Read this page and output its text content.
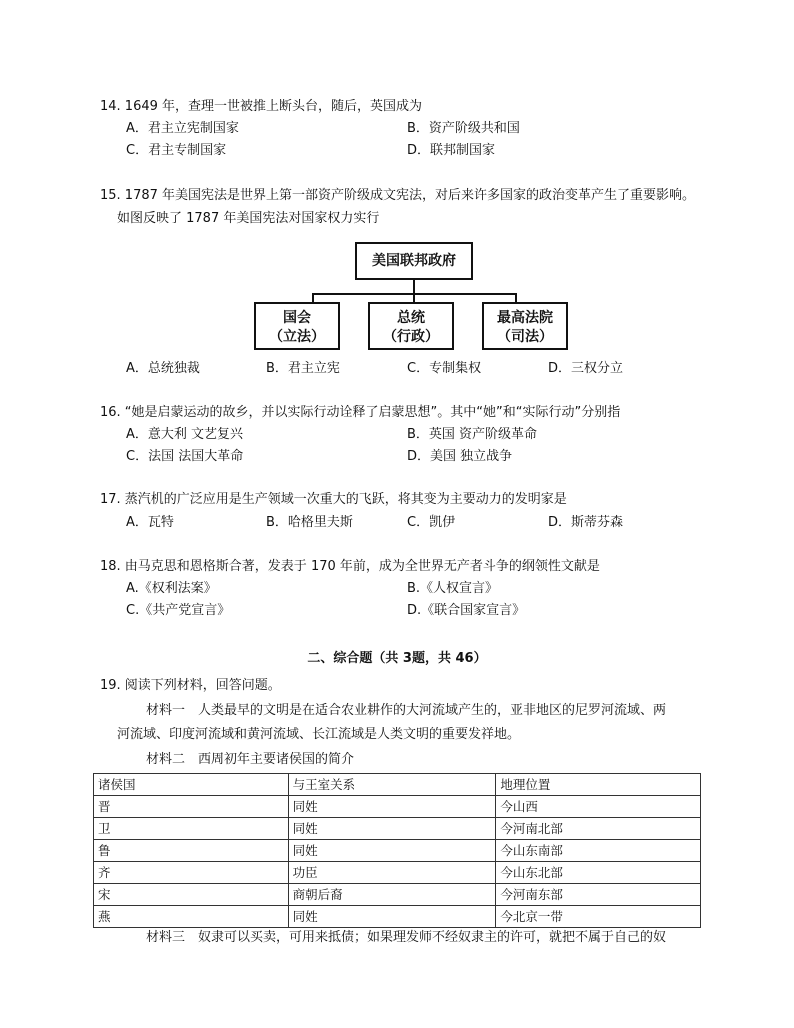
14. 1649 年，查理一世被推上断头台，随后，英国成为
A．君主立宪制国家	B．资产阶级共和国
C．君主专制国家	D．联邦制国家
15. 1787 年美国宪法是世界上第一部资产阶级成文宪法，对后来许多国家的政治变革产生了重要影响。
如图反映了 1787 年美国宪法对国家权力实行
美国联邦政府
国会
（立法）
总统
（行政）
最高法院
（司法）
A．总统独裁	B．君主立宪	C．专制集权	D．三权分立
16. “她是启蒙运动的故乡，并以实际行动诠释了启蒙思想”。其中“她”和“实际行动”分别指
A．意大利 文艺复兴	B．英国 资产阶级革命
C．法国 法国大革命	D．美国 独立战争
17. 蒸汽机的广泛应用是生产领域一次重大的飞跃，将其变为主要动力的发明家是
A．瓦特	B．哈格里夫斯	C．凯伊	D．斯蒂芬森
18. 由马克思和恩格斯合著，发表于 170 年前，成为全世界无产者斗争的纲领性文献是
A.《权利法案》	B.《人权宣言》
C.《共产党宣言》	D.《联合国家宣言》
二、综合题（共 3题，共 46）
19. 阅读下列材料，回答问题。
材料一　人类最早的文明是在适合农业耕作的大河流域产生的，亚非地区的尼罗河流域、两
河流域、印度河流域和黄河流域、长江流域是人类文明的重要发祥地。
材料二　西周初年主要诸侯国的简介
诸侯国	与王室关系	地理位置
晋	同姓	今山西
卫	同姓	今河南北部
鲁	同姓	今山东南部
齐	功臣	今山东北部
宋	商朝后裔	今河南东部
燕	同姓	今北京一带
材料三　奴隶可以买卖，可用来抵债；如果理发师不经奴隶主的许可，就把不属于自己的奴
